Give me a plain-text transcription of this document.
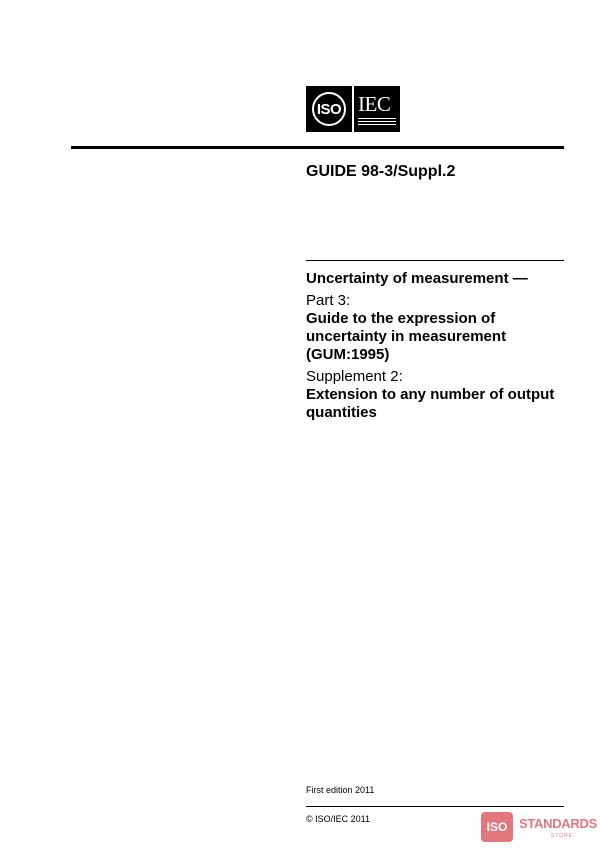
ISO IEC
GUIDE 98-3/Suppl.2
Uncertainty of measurement —
Part 3:
Guide to the expression of uncertainty in measurement (GUM:1995)
Supplement 2:
Extension to any number of output quantities
First edition 2011
© ISO/IEC 2011
ISO STANDARDS
STORE
